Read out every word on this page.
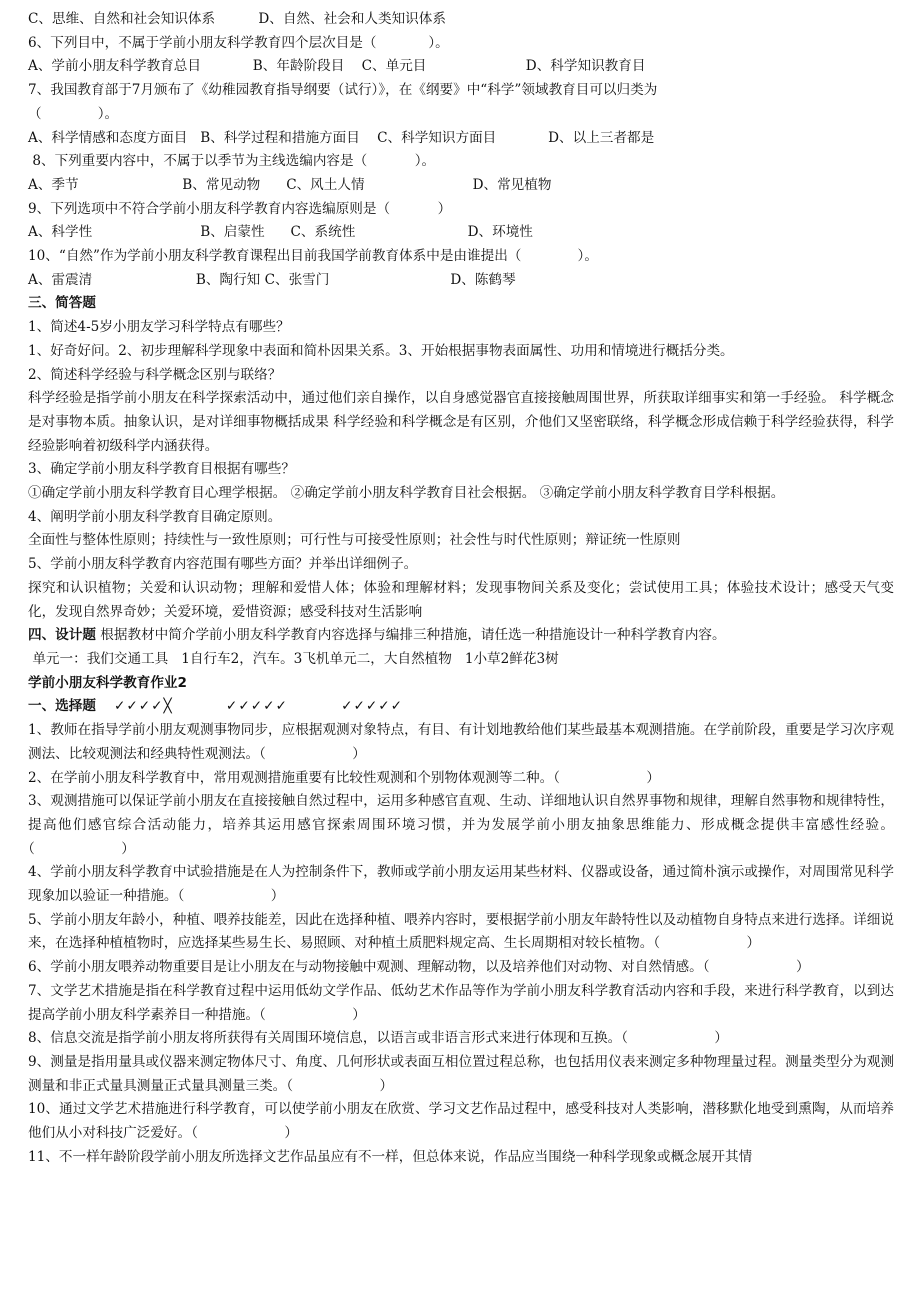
C、思维、自然和社会知识体系          D、自然、社会和人类知识体系

6、下列目中，不属于学前小朋友科学教育四个层次目是（            ）。

A、学前小朋友科学教育总目            B、年龄阶段目    C、单元目                       D、科学知识教育目

7、我国教育部于7月颁布了《幼稚园教育指导纲要（试行）》，在《纲要》中“科学”领域教育目可以归类为

（             ）。

A、科学情感和态度方面目   B、科学过程和措施方面目    C、科学知识方面目            D、以上三者都是

8、下列重要内容中，不属于以季节为主线选编内容是（           ）。

A、季节                        B、常见动物      C、风土人情                         D、常见植物

9、下列选项中不符合学前小朋友科学教育内容选编原则是（           ）

A、科学性                         B、启蒙性      C、系统性                          D、环境性

10、“自然”作为学前小朋友科学教育课程出目前我国学前教育体系中是由谁提出（             ）。

A、雷震清                        B、陶行知 C、张雪门                            D、陈鹤琴

三、简答题

1、简述4-5岁小朋友学习科学特点有哪些？

1、好奇好问。2、初步理解科学现象中表面和简朴因果关系。3、开始根据事物表面属性、功用和情境进行概括分类。

2、简述科学经验与科学概念区别与联络？

科学经验是指学前小朋友在科学探索活动中，通过他们亲自操作，以自身感觉器官直接接触周围世界，所获取详细事实和第一手经验。 科学概念是对事物本质。抽象认识，是对详细事物概括成果 科学经验和科学概念是有区别，介他们又坚密联络，科学概念形成信赖于科学经验获得，科学经验影响着初级科学内涵获得。

3、确定学前小朋友科学教育目根据有哪些？

①确定学前小朋友科学教育目心理学根据。 ②确定学前小朋友科学教育目社会根据。 ③确定学前小朋友科学教育目学科根据。

4、阐明学前小朋友科学教育目确定原则。

全面性与整体性原则；持续性与一致性原则；可行性与可接受性原则；社会性与时代性原则；辩证统一性原则

5、学前小朋友科学教育内容范围有哪些方面？并举出详细例子。

探究和认识植物；关爱和认识动物；理解和爱惜人体；体验和理解材料；发现事物间关系及变化；尝试使用工具；体验技术设计；感受天气变化，发现自然界奇妙；关爱环境，爱惜资源；感受科技对生活影响

四、设计题 根据教材中简介学前小朋友科学教育内容选择与编排三种措施，请任选一种措施设计一种科学教育内容。

单元一：我们交通工具   1自行车2，汽车。3飞机单元二，大自然植物   1小草2鲜花3树

学前小朋友科学教育作业2

一、选择题 ✓✓✓✓╳          ✓✓✓✓✓          ✓✓✓✓✓

1、教师在指导学前小朋友观测事物同步，应根据观测对象特点，有目、有计划地教给他们某些最基本观测措施。在学前阶段，重要是学习次序观测法、比较观测法和经典特性观测法。（                    ）

2、在学前小朋友科学教育中，常用观测措施重要有比较性观测和个别物体观测等二种。（                    ）

3、观测措施可以保证学前小朋友在直接接触自然过程中，运用多种感官直观、生动、详细地认识自然界事物和规律，理解自然事物和规律特性，提高他们感官综合活动能力，培养其运用感官探索周围环境习惯，并为发展学前小朋友抽象思维能力、形成概念提供丰富感性经验。（                    ）

4、学前小朋友科学教育中试验措施是在人为控制条件下，教师或学前小朋友运用某些材料、仪器或设备，通过简朴演示或操作，对周围常见科学现象加以验证一种措施。（                    ）

5、学前小朋友年龄小，种植、喂养技能差，因此在选择种植、喂养内容时，要根据学前小朋友年龄特性以及动植物自身特点来进行选择。详细说来，在选择种植植物时，应选择某些易生长、易照顾、对种植土质肥料规定高、生长周期相对较长植物。（                    ）

6、学前小朋友喂养动物重要目是让小朋友在与动物接触中观测、理解动物，以及培养他们对动物、对自然情感。（                    ）

7、文学艺术措施是指在科学教育过程中运用低幼文学作品、低幼艺术作品等作为学前小朋友科学教育活动内容和手段，来进行科学教育，以到达提高学前小朋友科学素养目一种措施。（                    ）

8、信息交流是指学前小朋友将所获得有关周围环境信息，以语言或非语言形式来进行体现和互换。（                    ）

9、测量是指用量具或仪器来测定物体尺寸、角度、几何形状或表面互相位置过程总称，也包括用仪表来测定多种物理量过程。测量类型分为观测测量和非正式量具测量正式量具测量三类。（                    ）

10、通过文学艺术措施进行科学教育，可以使学前小朋友在欣赏、学习文艺作品过程中，感受科技对人类影响，潜移默化地受到熏陶，从而培养他们从小对科技广泛爱好。（                    ）

11、不一样年龄阶段学前小朋友所选择文艺作品虽应有不一样，但总体来说，作品应当围绕一种科学现象或概念展开其情
